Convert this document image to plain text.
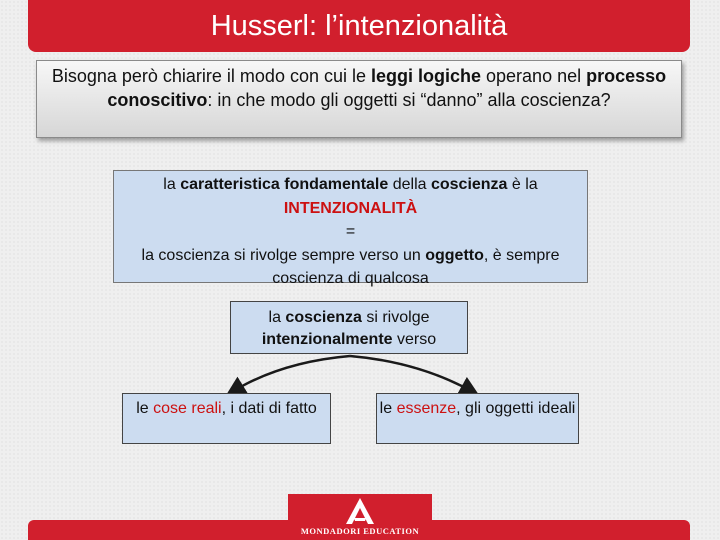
Husserl: l’intenzionalità
Bisogna però chiarire il modo con cui le leggi logiche operano nel processo conoscitivo: in che modo gli oggetti si “danno” alla coscienza?
la caratteristica fondamentale della coscienza è la
INTENZIONALITÀ
=
la coscienza si rivolge sempre verso un oggetto, è sempre coscienza di qualcosa
la coscienza si rivolge
intenzionalmente verso
le cose reali, i dati di fatto	le essenze, gli oggetti ideali
MONDADORI EDUCATION
